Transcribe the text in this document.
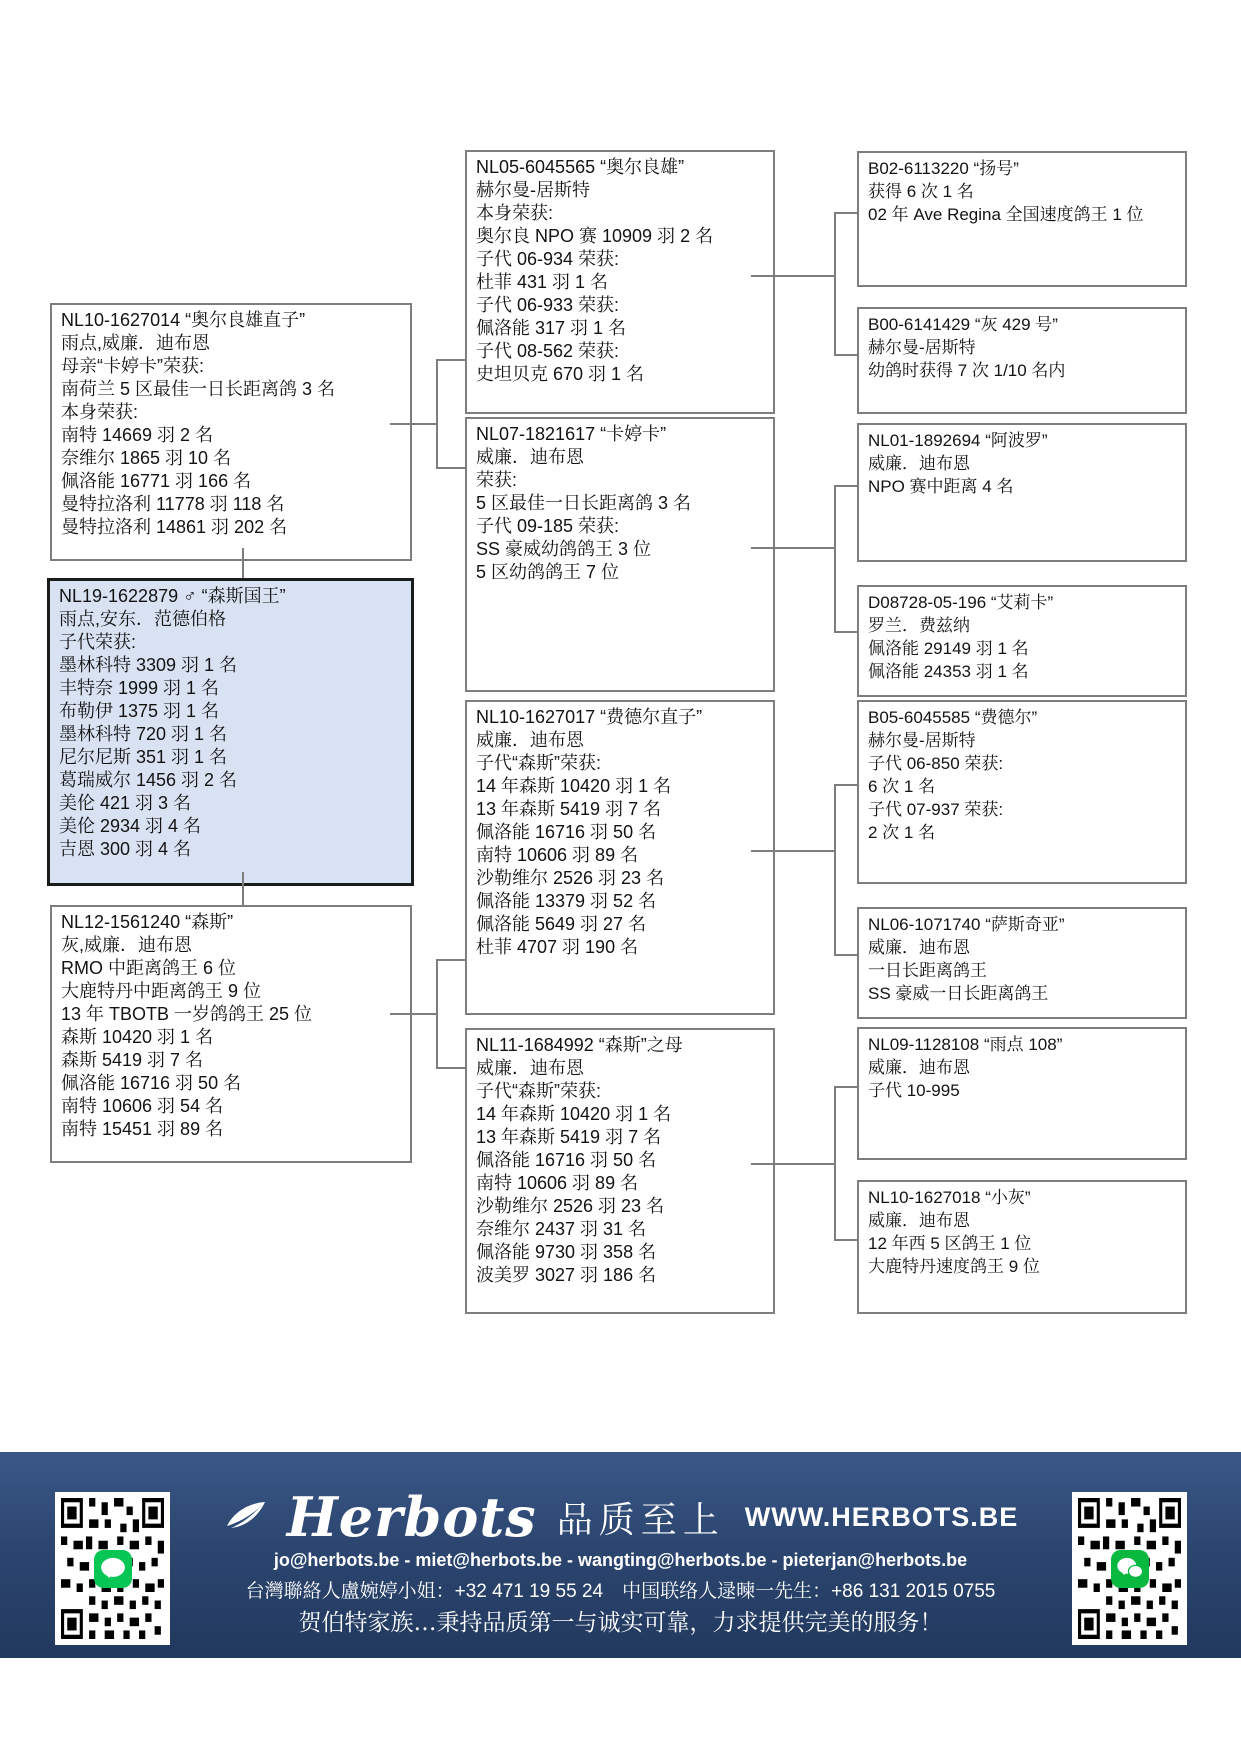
NL10-1627014 “奥尔良雄直子”
雨点,威廉．迪布恩
母亲“卡婷卡”荣获:
南荷兰 5 区最佳一日长距离鸽 3 名
本身荣获:
南特 14669 羽 2 名
奈维尔 1865 羽 10 名
佩洛能 16771 羽 166 名
曼特拉洛利 11778 羽 118 名
曼特拉洛利 14861 羽 202 名
NL19-1622879 ♂ “森斯国王”
雨点,安东．范德伯格
子代荣获:
墨林科特 3309 羽 1 名
丰特奈 1999 羽 1 名
布勒伊 1375 羽 1 名
墨林科特 720 羽 1 名
尼尔尼斯 351 羽 1 名
葛瑞威尔 1456 羽 2 名
美伦 421 羽 3 名
美伦 2934 羽 4 名
吉恩 300 羽 4 名
NL12-1561240 “森斯”
灰,威廉．迪布恩
RMO 中距离鸽王 6 位
大鹿特丹中距离鸽王 9 位
13 年 TBOTB 一岁鸽鸽王 25 位
森斯 10420 羽 1 名
森斯 5419 羽 7 名
佩洛能 16716 羽 50 名
南特 10606 羽 54 名
南特 15451 羽 89 名
NL05-6045565 “奥尔良雄”
赫尔曼-居斯特
本身荣获:
奥尔良 NPO 赛 10909 羽 2 名
子代 06-934 荣获:
杜菲 431 羽 1 名
子代 06-933 荣获:
佩洛能 317 羽 1 名
子代 08-562 荣获:
史坦贝克 670 羽 1 名
NL07-1821617 “卡婷卡”
威廉．迪布恩
荣获:
5 区最佳一日长距离鸽 3 名
子代 09-185 荣获:
SS 豪威幼鸽鸽王 3 位
5 区幼鸽鸽王 7 位
NL10-1627017 “费德尔直子”
威廉．迪布恩
子代“森斯”荣获:
14 年森斯 10420 羽 1 名
13 年森斯 5419 羽 7 名
佩洛能 16716 羽 50 名
南特 10606 羽 89 名
沙勒维尔 2526 羽 23 名
佩洛能 13379 羽 52 名
佩洛能 5649 羽 27 名
杜菲 4707 羽 190 名
NL11-1684992 “森斯”之母
威廉．迪布恩
子代“森斯”荣获:
14 年森斯 10420 羽 1 名
13 年森斯 5419 羽 7 名
佩洛能 16716 羽 50 名
南特 10606 羽 89 名
沙勒维尔 2526 羽 23 名
奈维尔 2437 羽 31 名
佩洛能 9730 羽 358 名
波美罗 3027 羽 186 名
B02-6113220 “扬号”
获得 6 次 1 名
02 年 Ave Regina 全国速度鸽王 1 位
B00-6141429 “灰 429 号”
赫尔曼-居斯特
幼鸽时获得 7 次 1/10 名内
NL01-1892694 “阿波罗”
威廉．迪布恩
NPO 赛中距离 4 名
D08728-05-196 “艾莉卡”
罗兰．费兹纳
佩洛能 29149 羽 1 名
佩洛能 24353 羽 1 名
B05-6045585 “费德尔”
赫尔曼-居斯特
子代 06-850 荣获:
6 次 1 名
子代 07-937 荣获:
2 次 1 名
NL06-1071740 “萨斯奇亚”
威廉．迪布恩
一日长距离鸽王
SS 豪威一日长距离鸽王
NL09-1128108 “雨点 108”
威廉．迪布恩
子代 10-995
NL10-1627018 “小灰”
威廉．迪布恩
12 年西 5 区鸽王 1 位
大鹿特丹速度鸽王 9 位
Herbots 品质至上 WWW.HERBOTS.BE
jo@herbots.be - miet@herbots.be - wangting@herbots.be - pieterjan@herbots.be
台灣聯絡人盧婉婷小姐：+32 471 19 55 24　中国联络人逯暕一先生：+86 131 2015 0755
贺伯特家族…秉持品质第一与诚实可靠，力求提供完美的服务！
